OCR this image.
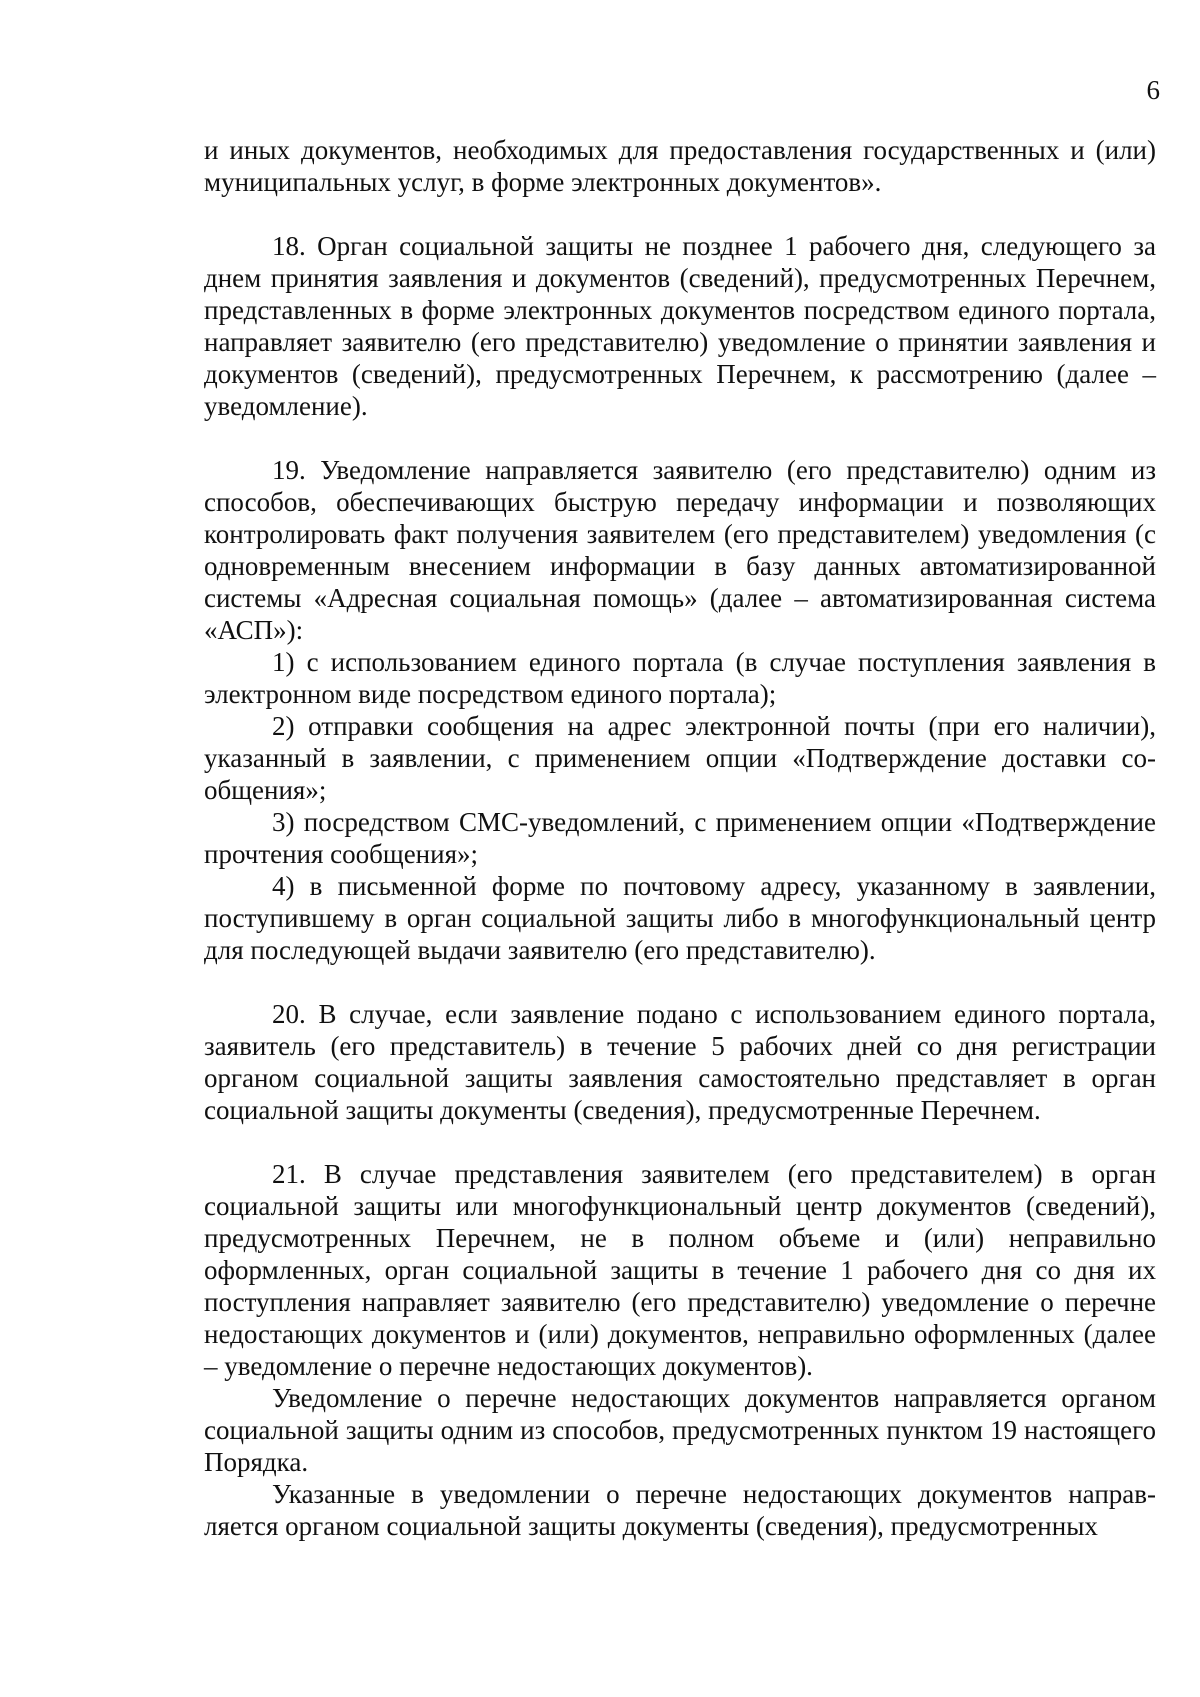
6

и иных документов, необходимых для предоставления государственных и (или) муниципальных услуг, в форме электронных документов».

18. Орган социальной защиты не позднее 1 рабочего дня, следующего за днем принятия заявления и документов (сведений), предусмотренных Перечнем, представленных в форме электронных документов посредством единого портала, направляет заявителю (его представителю) уведомление о принятии заявления и документов (сведений), предусмотренных Перечнем, к рассмотрению (далее – уведомление).

19. Уведомление направляется заявителю (его представителю) одним из способов, обеспечивающих быструю передачу информации и позволяющих контролировать факт получения заявителем (его представителем) уведомления (с одновременным внесением информации в базу данных автоматизированной системы «Адресная социальная помощь» (далее – автоматизированная система «АСП»):

1) с использованием единого портала (в случае поступления заявления в электронном виде посредством единого портала);

2) отправки сообщения на адрес электронной почты (при его наличии), указанный в заявлении, с применением опции «Подтверждение доставки сообщения»;

3) посредством СМС-уведомлений, с применением опции «Подтверждение прочтения сообщения»;

4) в письменной форме по почтовому адресу, указанному в заявлении, поступившему в орган социальной защиты либо в многофункциональный центр для последующей выдачи заявителю (его представителю).

20. В случае, если заявление подано с использованием единого портала, заявитель (его представитель) в течение 5 рабочих дней со дня регистрации органом социальной защиты заявления самостоятельно представляет в орган социальной защиты документы (сведения), предусмотренные Перечнем.

21. В случае представления заявителем (его представителем) в орган социальной защиты или многофункциональный центр документов (сведений), предусмотренных Перечнем, не в полном объеме и (или) неправильно оформленных, орган социальной защиты в течение 1 рабочего дня со дня их поступления направляет заявителю (его представителю) уведомление о перечне недостающих документов и (или) документов, неправильно оформленных (далее – уведомление о перечне недостающих документов).

Уведомление о перечне недостающих документов направляется органом социальной защиты одним из способов, предусмотренных пунктом 19 настоящего Порядка.

Указанные в уведомлении о перечне недостающих документов направляется органом социальной защиты документы (сведения), предусмотренных
